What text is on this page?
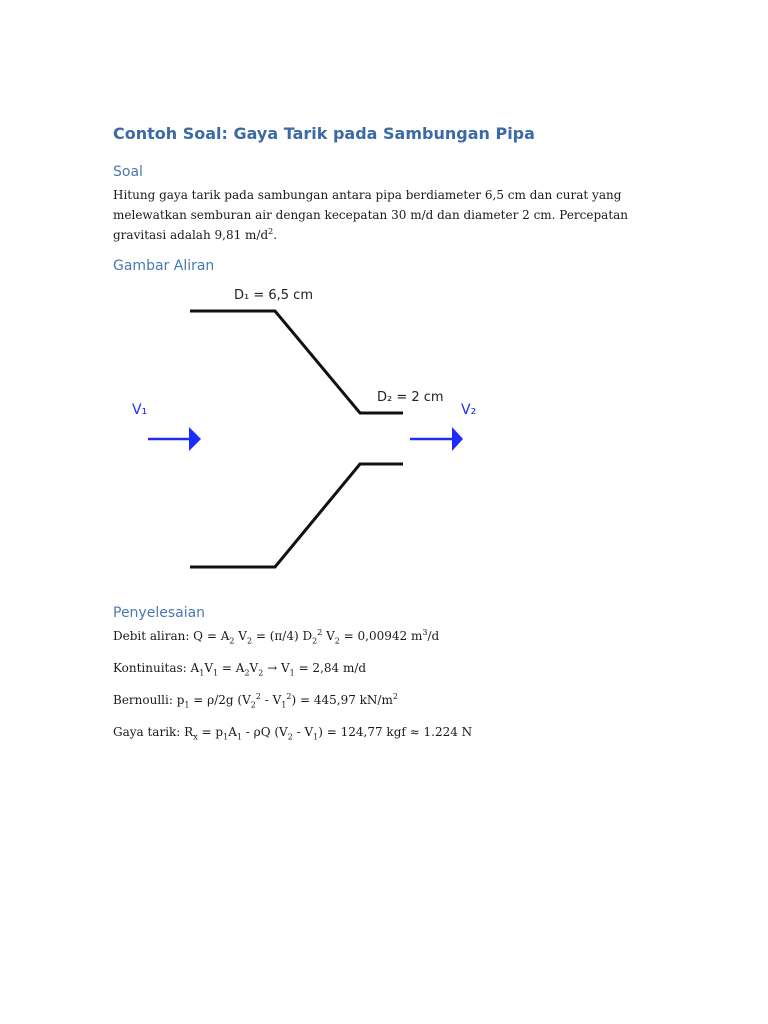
Contoh Soal: Gaya Tarik pada Sambungan Pipa
Soal
Hitung gaya tarik pada sambungan antara pipa berdiameter 6,5 cm dan curat yang
melewatkan semburan air dengan kecepatan 30 m/d dan diameter 2 cm. Percepatan
gravitasi adalah 9,81 $m/d^2$.
Gambar Aliran
D₁ = 6,5 cm
D₂ = 2 cm
V₁	V₂
Penyelesaian
Debit aliran: $Q = A_2$ $V_2 = (\pi/4)$ $D_2^2$ $V_2 = 0,00942$ $m^3/d$
Kontinuitas: $A_1V_1 = A_2V_2 \to V_1 = 2,84$ m/d
Bernoulli: $p_1 = \rho/2g$ $(V_2^2 - V_1^2) = 445,97$ $kN/m^2$
Gaya tarik: $R_x = p_1A_1 - \rho Q$ $(V_2 - V_1) = 124,77$ kgf ≈ 1.224 N
